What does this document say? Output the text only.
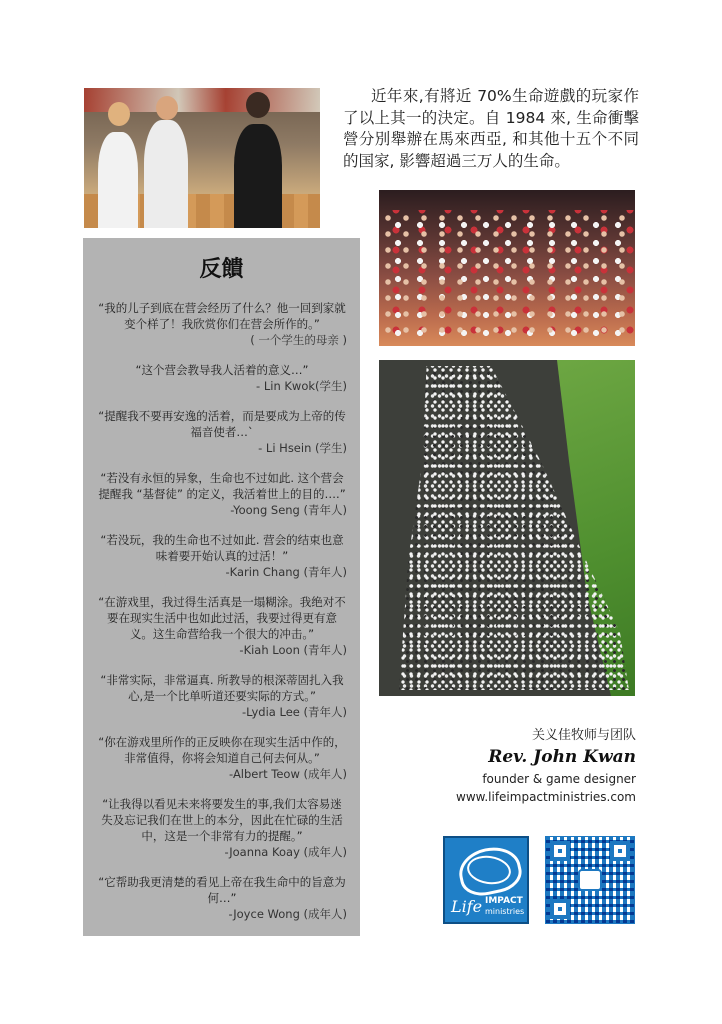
近年來,有將近 70%生命遊戲的玩家作了以上其一的決定。自 1984 來, 生命衝擊營分別舉辦在馬來西亞, 和其他十五个不同的国家, 影響超過三万人的生命。

反饋
“我的儿子到底在营会经历了什么？他一回到家就变个样了！我欣赏你们在营会所作的。”
( 一个学生的母亲 )
“这个营会教导我人活着的意义…”
- Lin Kwok(学生)
“提醒我不要再安逸的活着，而是要成为上帝的传福音使者…`
- Li Hsein (学生)
“若没有永恒的异象，生命也不过如此. 这个营会提醒我 “基督徒” 的定义，我活着世上的目的….”
-Yoong Seng (青年人)
“若没玩，我的生命也不过如此. 营会的结束也意味着要开始认真的过活！”
-Karin Chang (青年人)
“在游戏里，我过得生活真是一塌糊涂。我绝对不要在现实生活中也如此过活，我要过得更有意义。这生命营给我一个很大的冲击。”
-Kiah Loon (青年人)
“非常实际，非常逼真. 所教导的根深蒂固扎入我心,是一个比单听道还要实际的方式。”
-Lydia Lee (青年人)
“你在游戏里所作的正反映你在现实生活中作的，非常值得，你将会知道自己何去何从。”
-Albert Teow (成年人)
“让我得以看见未来将要发生的事,我们太容易迷失及忘记我们在世上的本分，因此在忙碌的生活中，这是一个非常有力的提醒。”
-Joanna Koay (成年人)
“它帮助我更清楚的看见上帝在我生命中的旨意为何…”
-Joyce Wong (成年人)
关义佳牧师与团队
Rev. John Kwan
founder & game designer
www.lifeimpactministries.com
Life IMPACT
ministries
